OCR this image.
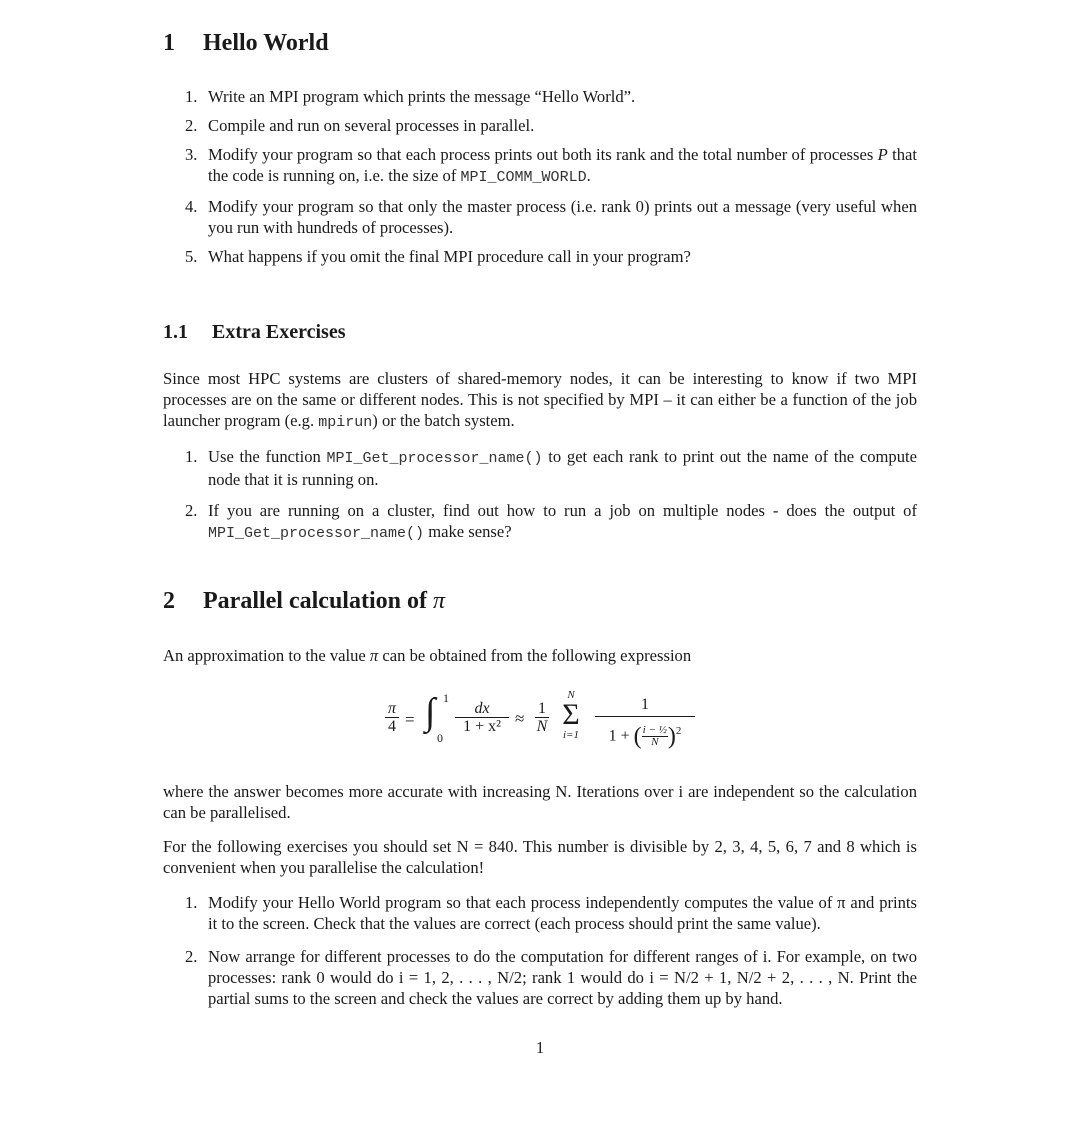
1 Hello World
1. Write an MPI program which prints the message “Hello World”.
2. Compile and run on several processes in parallel.
3. Modify your program so that each process prints out both its rank and the total number of processes P that the code is running on, i.e. the size of MPI_COMM_WORLD.
4. Modify your program so that only the master process (i.e. rank 0) prints out a message (very useful when you run with hundreds of processes).
5. What happens if you omit the final MPI procedure call in your program?
1.1 Extra Exercises

Since most HPC systems are clusters of shared-memory nodes, it can be interesting to know if two MPI processes are on the same or different nodes. This is not specified by MPI – it can either be a function of the job launcher program (e.g. mpirun) or the batch system.

1. Use the function MPI_Get_processor_name() to get each rank to print out the name of the compute node that it is running on.
2. If you are running on a cluster, find out how to run a job on multiple nodes - does the output of MPI_Get_processor_name() make sense?
2 Parallel calculation of π

An approximation to the value π can be obtained from the following expression

π
4 = ∫ 1
0
dx
1 + x² ≈
1
N
N
Σ
i=1
1
1 + ( $\frac{\text{i − ½}}{N} )^2$

where the answer becomes more accurate with increasing N. Iterations over i are independent so the calculation can be parallelised.

For the following exercises you should set N = 840. This number is divisible by 2, 3, 4, 5, 6, 7 and 8 which is convenient when you parallelise the calculation!

1. Modify your Hello World program so that each process independently computes the value of π and prints it to the screen. Check that the values are correct (each process should print the same value).
2. Now arrange for different processes to do the computation for different ranges of i. For example, on two processes: rank 0 would do i = 1, 2, . . . , N/2; rank 1 would do i = N/2 + 1, N/2 + 2, . . . , N. Print the partial sums to the screen and check the values are correct by adding them up by hand.
1
